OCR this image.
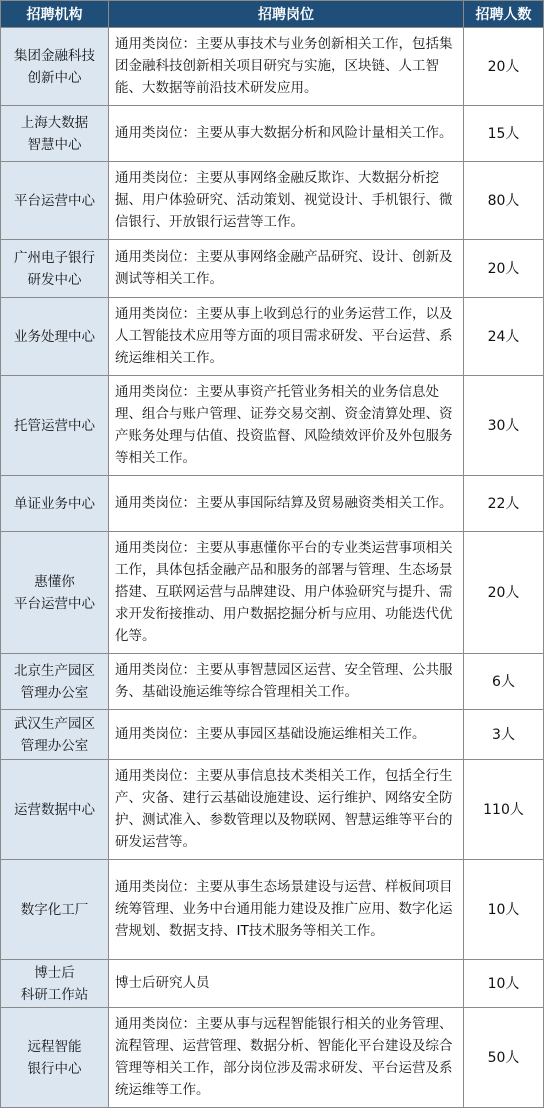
招聘机构	招聘岗位	招聘人数

集团金融科技
创新中心	通用类岗位：主要从事技术与业务创新相关工作，包括集团金融科技创新相关项目研究与实施，区块链、人工智能、大数据等前沿技术研发应用。	20人

上海大数据
智慧中心	通用类岗位：主要从事大数据分析和风险计量相关工作。	15人

平台运营中心	通用类岗位：主要从事网络金融反欺诈、大数据分析挖掘、用户体验研究、活动策划、视觉设计、手机银行、微信银行、开放银行运营等工作。	80人

广州电子银行
研发中心	通用类岗位：主要从事网络金融产品研究、设计、创新及测试等相关工作。	20人

业务处理中心	通用类岗位：主要从事上收到总行的业务运营工作，以及人工智能技术应用等方面的项目需求研发、平台运营、系统运维相关工作。	24人

托管运营中心	通用类岗位：主要从事资产托管业务相关的业务信息处理、组合与账户管理、证券交易交割、资金清算处理、资产账务处理与估值、投资监督、风险绩效评价及外包服务等相关工作。	30人

单证业务中心	通用类岗位：主要从事国际结算及贸易融资类相关工作。	22人

惠懂你
平台运营中心	通用类岗位：主要从事惠懂你平台的专业类运营事项相关工作，具体包括金融产品和服务的部署与管理、生态场景搭建、互联网运营与品牌建设、用户体验研究与提升、需求开发衔接推动、用户数据挖掘分析与应用、功能迭代优化等。	20人

北京生产园区
管理办公室	通用类岗位：主要从事智慧园区运营、安全管理、公共服务、基础设施运维等综合管理相关工作。	6人

武汉生产园区
管理办公室	通用类岗位：主要从事园区基础设施运维相关工作。	3人

运营数据中心	通用类岗位：主要从事信息技术类相关工作，包括全行生产、灾备、建行云基础设施建设、运行维护、网络安全防护、测试准入、参数管理以及物联网、智慧运维等平台的研发运营等。	110人

数字化工厂	通用类岗位：主要从事生态场景建设与运营、样板间项目统筹管理、业务中台通用能力建设及推广应用、数字化运营规划、数据支持、IT技术服务等相关工作。	10人

博士后
科研工作站	博士后研究人员	10人

远程智能
银行中心	通用类岗位：主要从事与远程智能银行相关的业务管理、流程管理、运营管理、数据分析、智能化平台建设及综合管理等相关工作，部分岗位涉及需求研发、平台运营及系统运维等工作。	50人
